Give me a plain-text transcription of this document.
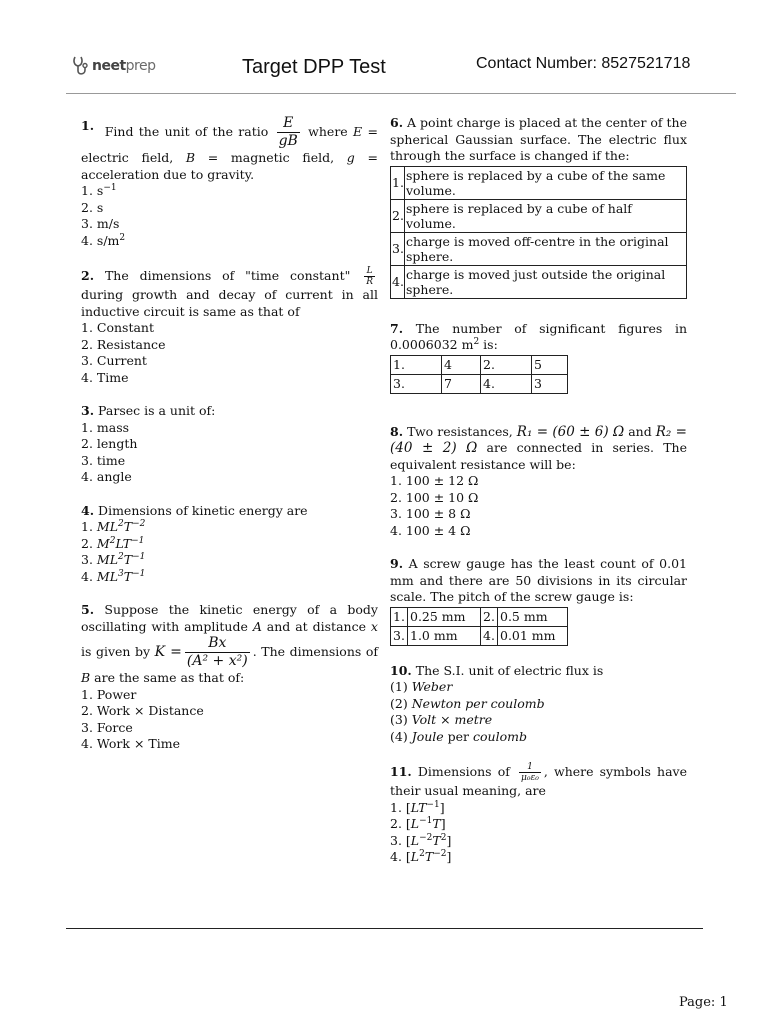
neetprep	Target DPP Test	Contact Number: 8527521718
1. Find the unit of the ratio $\frac{E}{gB}$ where E = electric field, B = magnetic field, g = acceleration due to gravity.
1. $s^{-1}$
2. s
3. m/s
4. $s/m^2$
2. The dimensions of "time constant" $\frac{L}{R}$
during growth and decay of current in all inductive circuit is same as that of
1. Constant
2. Resistance
3. Current
4. Time
3. Parsec is a unit of:
1. mass
2. length
3. time
4. angle
4. Dimensions of kinetic energy are
1. $ML^2T^{-2}$
2. $M^2LT^{-1}$
3. $ML^2T^{-1}$
4. $ML^3T^{-1}$
5. Suppose the kinetic energy of a body oscillating with amplitude A and at distance x is given by $K = \frac{Bx}{\text{(A² + x²)}}$ . The dimensions of B are the same as that of:
1. Power
2. Work × Distance
3. Force
4. Work × Time
6. A point charge is placed at the center of the spherical Gaussian surface. The electric flux through the surface is changed if the:
1.	sphere is replaced by a cube of the same volume.
2.	sphere is replaced by a cube of half volume.
3.	charge is moved off-centre in the original sphere.
4.	charge is moved just outside the original sphere.
7. The number of significant figures in 0.0006032 $m^2$ is:
1.	4	2.	5
3.	7	4.	3
8. Two resistances, R₁ = (60 ± 6) Ω and R₂ = (40 ± 2) Ω are connected in series. The equivalent resistance will be:
1. 100 ± 12 Ω
2. 100 ± 10 Ω
3. 100 ± 8 Ω
4. 100 ± 4 Ω
9. A screw gauge has the least count of 0.01 mm and there are 50 divisions in its circular scale. The pitch of the screw gauge is:
1.	0.25 mm	2.	0.5 mm
3.	1.0 mm	4.	0.01 mm
10. The S.I. unit of electric flux is
(1) Weber
(2) Newton per coulomb
(3) Volt × metre
(4) Joule per coulomb
11. Dimensions of $\frac{1}{\text{μ₀ε₀}}$ , where symbols have their usual meaning, are
1. $[LT^{-1}]$
2. $[L^{-1}T]$
3. $[L^{-2}T^2]$
4. $[L^2T^{-2}]$
Page: 1
